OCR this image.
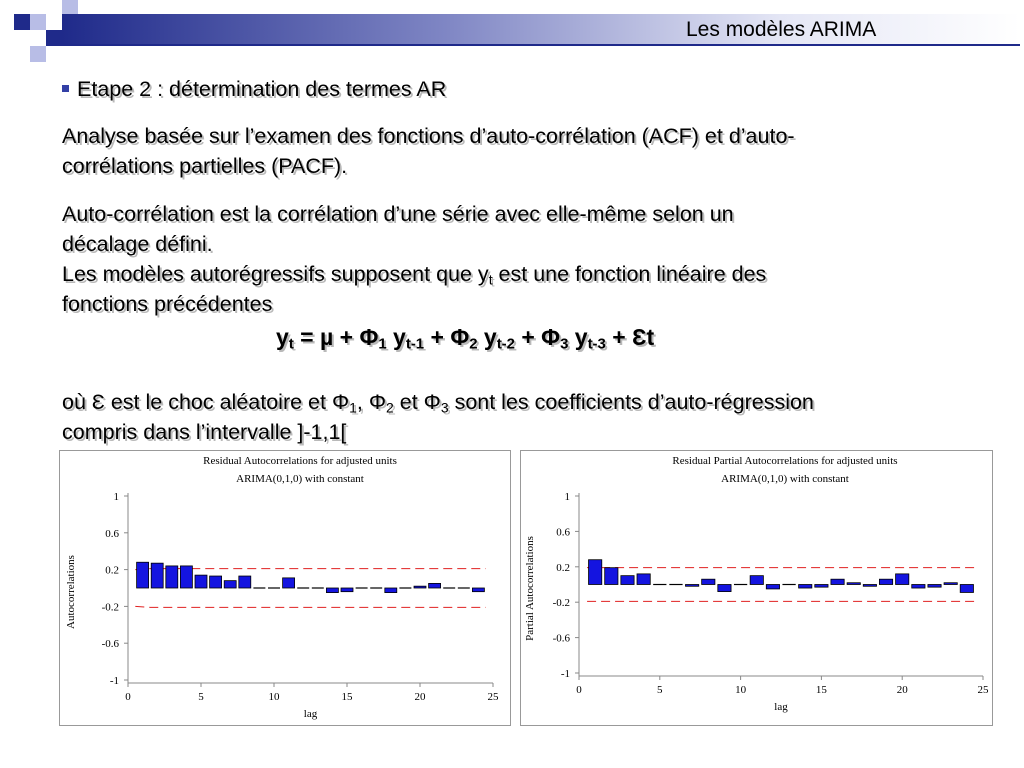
Les modèles ARIMA
Etape 2 : détermination des termes AR
Analyse basée sur l’examen des fonctions d’auto-corrélation (ACF) et d’auto-
corrélations partielles (PACF).
Auto-corrélation est la corrélation d’une série avec elle-même selon un
décalage défini.
Les modèles autorégressifs supposent que $y_t$ est une fonction linéaire des
fonctions précédentes
$y_t = \mu + \Phi_1$ $y_{t-1} + \Phi_2$ $y_{t-2} + \Phi_3$ $y_{t-3}$ + Ɛt
où Ɛ est le choc aléatoire et $\Phi_1$, $\Phi_2$ et $\Phi_3$ sont les coefficients d’auto-régression
compris dans l’intervalle ]-1,1[
Residual Autocorrelations for adjusted units
ARIMA(0,1,0) with constant
1
0.6
0.2
-0.2
-0.6
-1
0	5	10	15	20	25
lag
Autocorrelations
Residual Partial Autocorrelations for adjusted units
ARIMA(0,1,0) with constant
1
0.6
0.2
-0.2
-0.6
-1
0	5	10	15	20	25
lag
Partial Autocorrelations
